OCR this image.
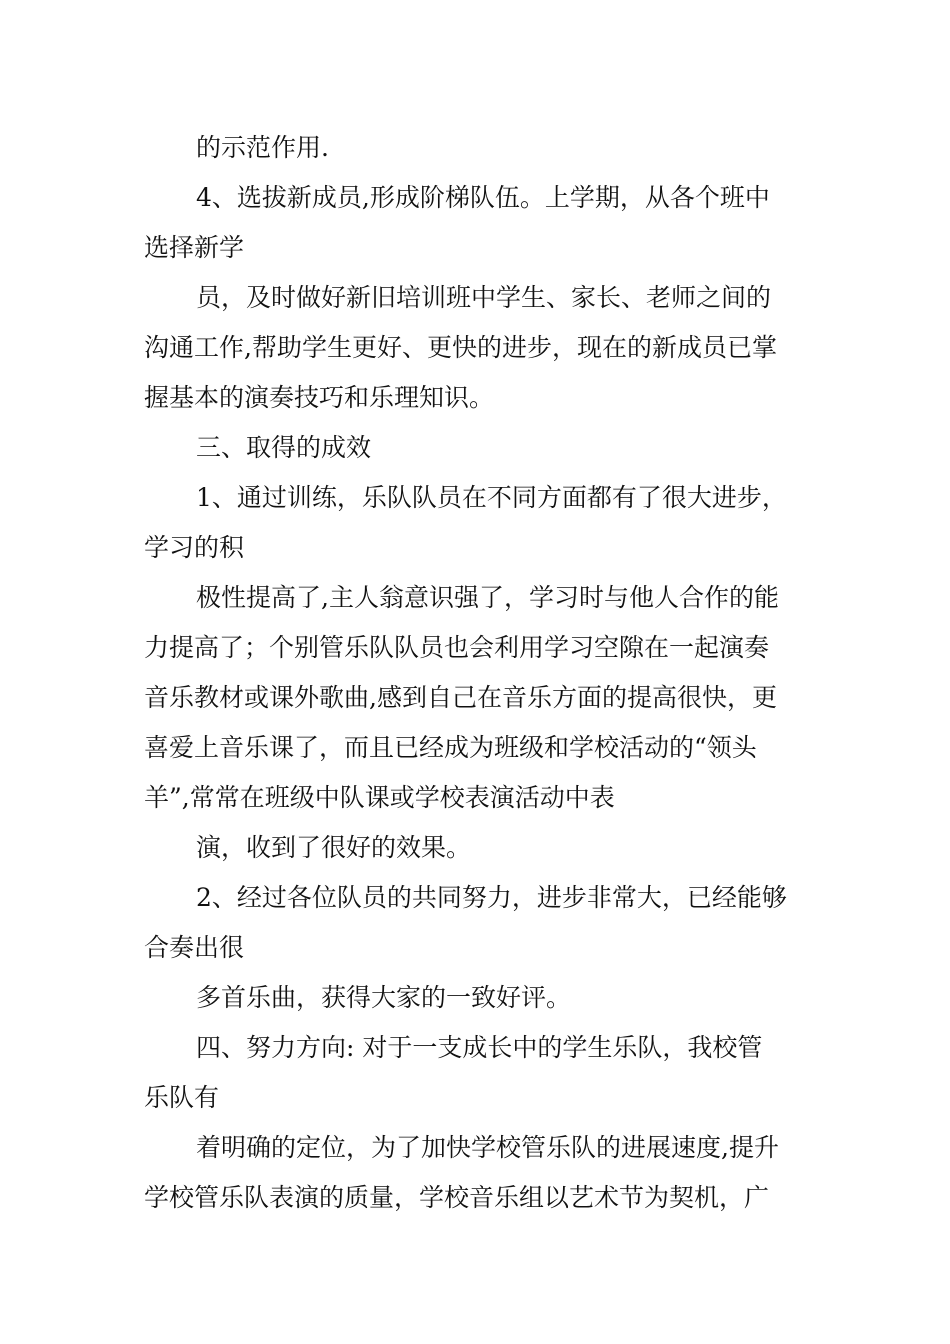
的示范作用.
4、选拔新成员,形成阶梯队伍。上学期，从各个班中
选择新学
员，及时做好新旧培训班中学生、家长、老师之间的
沟通工作,帮助学生更好、更快的进步，现在的新成员已掌
握基本的演奏技巧和乐理知识。
三、取得的成效
1、通过训练，乐队队员在不同方面都有了很大进步，
学习的积
极性提高了,主人翁意识强了，学习时与他人合作的能
力提高了；个别管乐队队员也会利用学习空隙在一起演奏
音乐教材或课外歌曲,感到自己在音乐方面的提高很快，更
喜爱上音乐课了，而且已经成为班级和学校活动的“领头
羊”,常常在班级中队课或学校表演活动中表
演，收到了很好的效果。
2、经过各位队员的共同努力，进步非常大，已经能够
合奏出很
多首乐曲，获得大家的一致好评。
四、努力方向: 对于一支成长中的学生乐队，我校管
乐队有
着明确的定位，为了加快学校管乐队的进展速度,提升
学校管乐队表演的质量，学校音乐组以艺术节为契机，广
